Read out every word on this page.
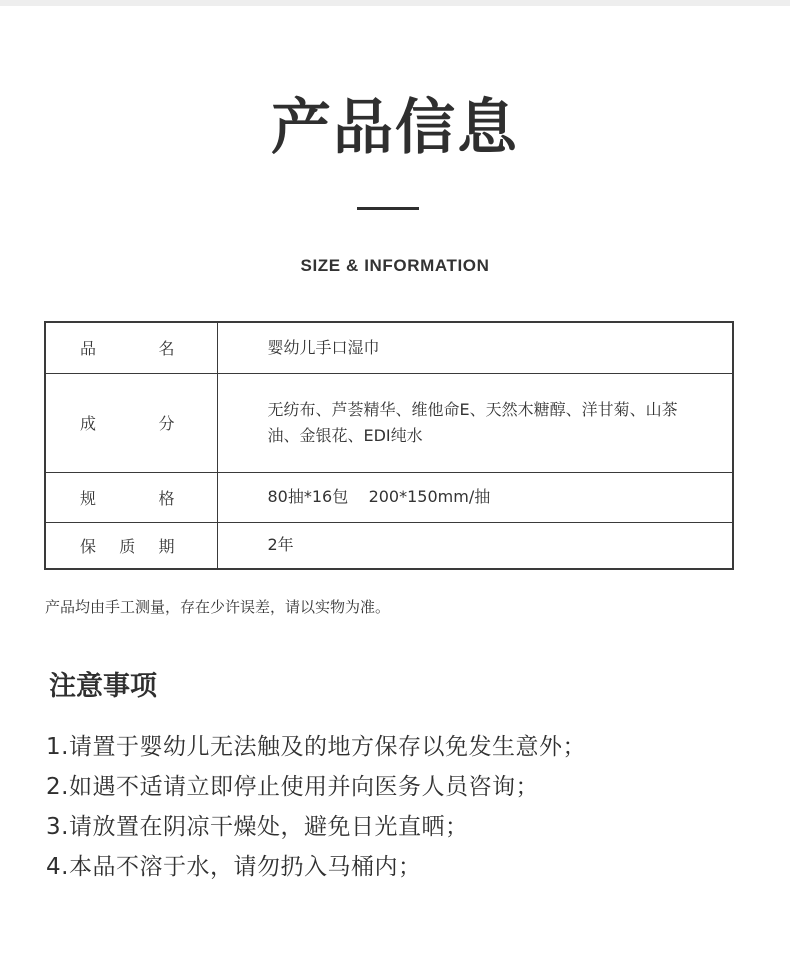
产品信息
SIZE & INFORMATION
品名	婴幼儿手口湿巾

成分	无纺布、芦荟精华、维他命E、天然木糖醇、洋甘菊、山茶油、金银花、EDI纯水

规格	80抽*16包    200*150mm/抽

保质期	2年
产品均由手工测量，存在少许误差，请以实物为准。
注意事项
1.请置于婴幼儿无法触及的地方保存以免发生意外；
2.如遇不适请立即停止使用并向医务人员咨询；
3.请放置在阴凉干燥处，避免日光直晒；
4.本品不溶于水，请勿扔入马桶内；
